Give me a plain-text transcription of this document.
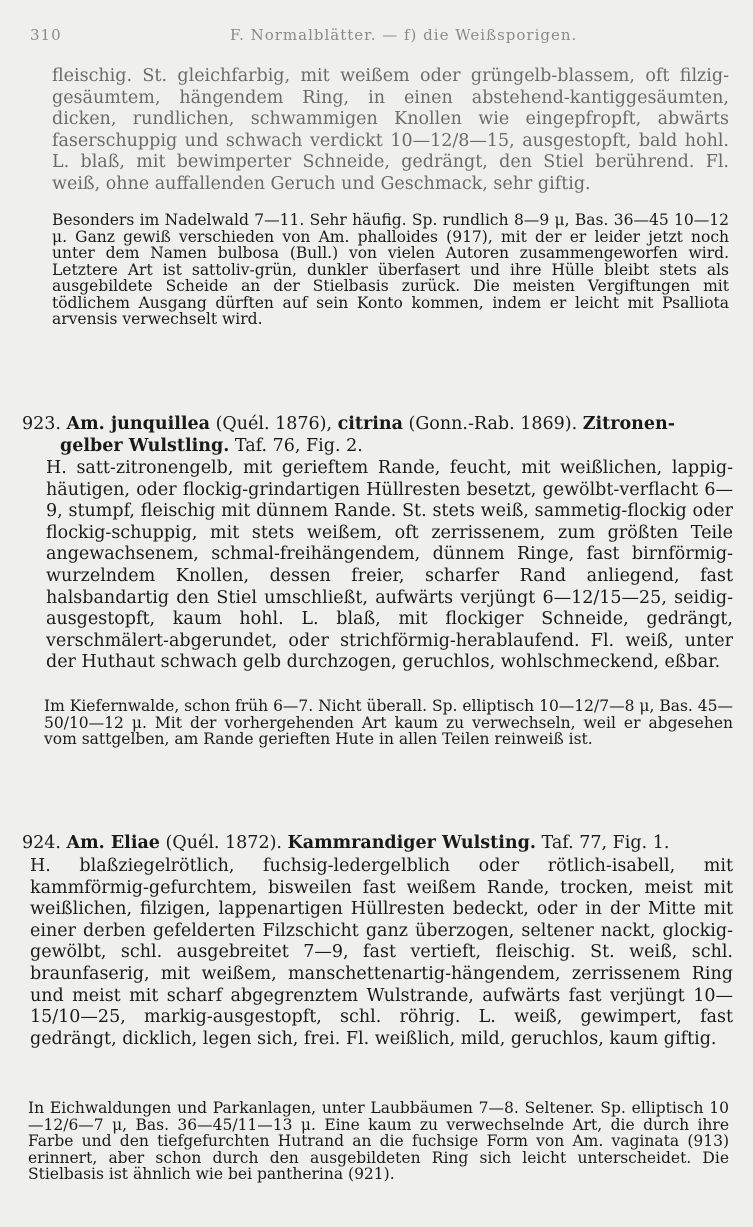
310	F. Normalblätter. — f) die Weißsporigen.

fleischig. St. gleichfarbig, mit weißem oder grüngelb-blassem, oft filzig-gesäumtem, hängendem Ring, in einen abstehend-kantiggesäumten, dicken, rundlichen, schwammigen Knollen wie eingepfropft, abwärts faserschuppig und schwach verdickt 10—12/8—15, ausgestopft, bald hohl. L. blaß, mit bewimperter Schneide, gedrängt, den Stiel berührend. Fl. weiß, ohne auffallenden Geruch und Geschmack, sehr giftig.

Besonders im Nadelwald 7—11. Sehr häufig. Sp. rundlich 8—9 μ, Bas. 36—45 10—12 μ. Ganz gewiß verschieden von Am. phalloides (917), mit der er leider jetzt noch unter dem Namen bulbosa (Bull.) von vielen Autoren zusammengeworfen wird. Letztere Art ist sattoliv-grün, dunkler überfasert und ihre Hülle bleibt stets als ausgebildete Scheide an der Stielbasis zurück. Die meisten Vergiftungen mit tödlichem Ausgang dürften auf sein Konto kommen, indem er leicht mit Psalliota arvensis verwechselt wird.

923. Am. junquillea (Quél. 1876), citrina (Gonn.-Rab. 1869). Zitronen-
gelber Wulstling. Taf. 76, Fig. 2.

H. satt-zitronengelb, mit gerieftem Rande, feucht, mit weißlichen, lappig-häutigen, oder flockig-grindartigen Hüllresten besetzt, gewölbt-verflacht 6—9, stumpf, fleischig mit dünnem Rande. St. stets weiß, sammetig-flockig oder flockig-schuppig, mit stets weißem, oft zerrissenem, zum größten Teile angewachsenem, schmal-freihängendem, dünnem Ringe, fast birnförmig-wurzelndem Knollen, dessen freier, scharfer Rand anliegend, fast halsbandartig den Stiel umschließt, aufwärts verjüngt 6—12/15—25, seidig-ausgestopft, kaum hohl. L. blaß, mit flockiger Schneide, gedrängt, verschmälert-abgerundet, oder strichförmig-herablaufend. Fl. weiß, unter der Huthaut schwach gelb durchzogen, geruchlos, wohlschmeckend, eßbar.

Im Kiefernwalde, schon früh 6—7. Nicht überall. Sp. elliptisch 10—12/7—8 μ, Bas. 45—50/10—12 μ. Mit der vorhergehenden Art kaum zu verwechseln, weil er abgesehen vom sattgelben, am Rande gerieften Hute in allen Teilen reinweiß ist.

924. Am. Eliae (Quél. 1872). Kammrandiger Wulsting. Taf. 77, Fig. 1.

H. blaßziegelrötlich, fuchsig-ledergelblich oder rötlich-isabell, mit kammförmig-gefurchtem, bisweilen fast weißem Rande, trocken, meist mit weißlichen, filzigen, lappenartigen Hüllresten bedeckt, oder in der Mitte mit einer derben gefelderten Filzschicht ganz überzogen, seltener nackt, glockig-gewölbt, schl. ausgebreitet 7—9, fast vertieft, fleischig. St. weiß, schl. braunfaserig, mit weißem, manschettenartig-hängendem, zerrissenem Ring und meist mit scharf abgegrenztem Wulstrande, aufwärts fast verjüngt 10—15/10—25, markig-ausgestopft, schl. röhrig. L. weiß, gewimpert, fast gedrängt, dicklich, legen sich, frei. Fl. weißlich, mild, geruchlos, kaum giftig.

In Eichwaldungen und Parkanlagen, unter Laubbäumen 7—8. Seltener. Sp. elliptisch 10—12/6—7 μ, Bas. 36—45/11—13 μ. Eine kaum zu verwechselnde Art, die durch ihre Farbe und den tiefgefurchten Hutrand an die fuchsige Form von Am. vaginata (913) erinnert, aber schon durch den ausgebildeten Ring sich leicht unterscheidet. Die Stielbasis ist ähnlich wie bei pantherina (921).
